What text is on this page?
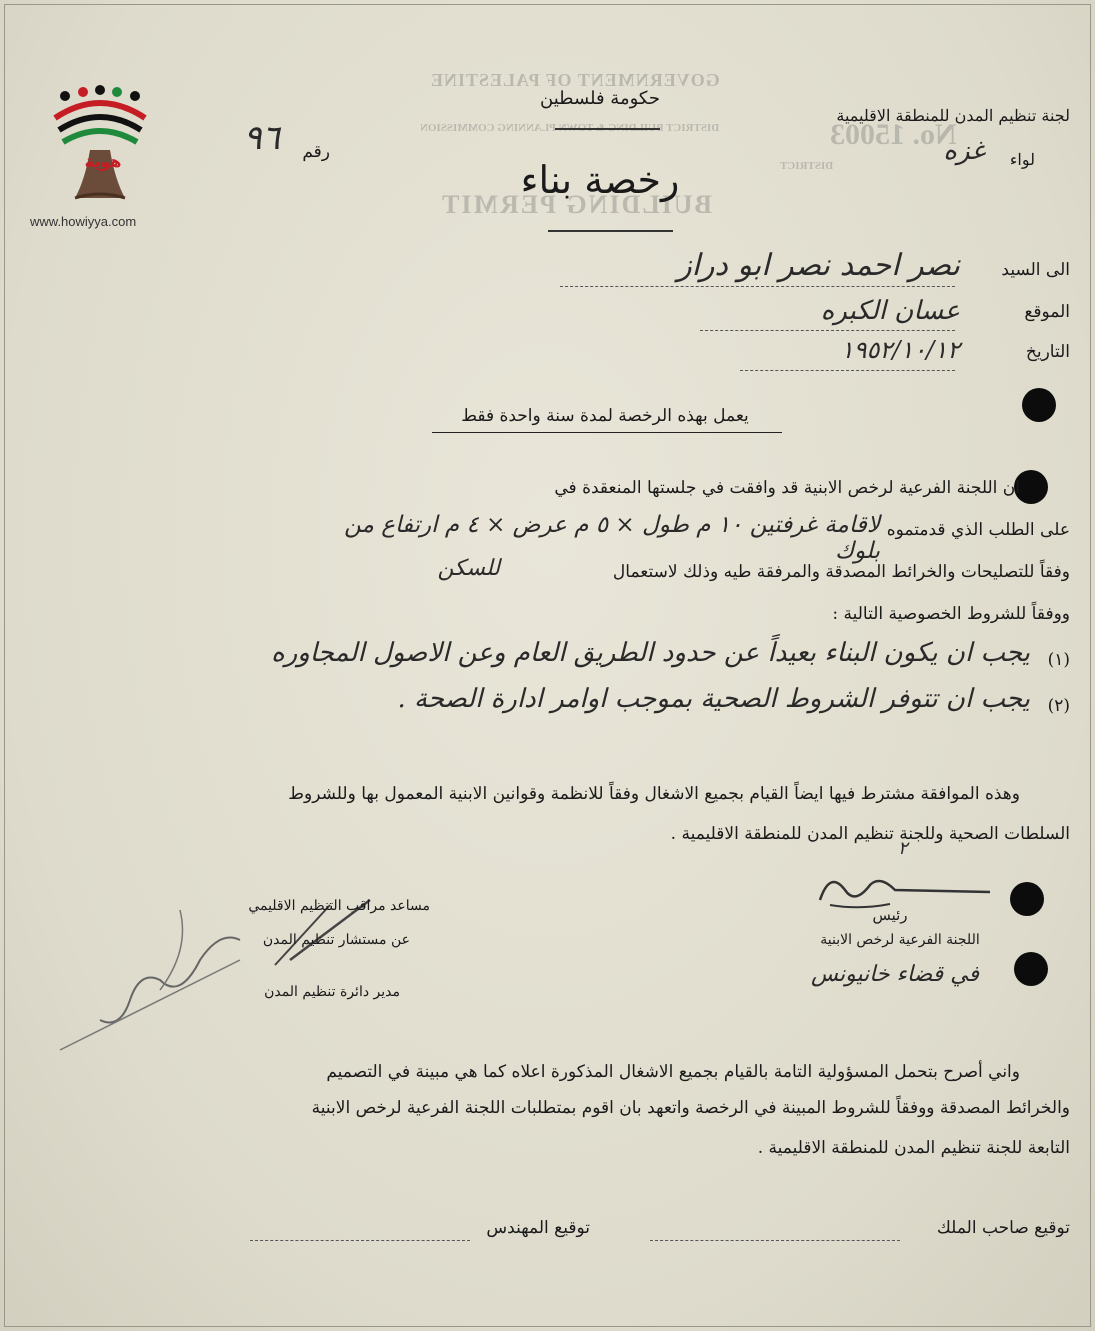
GOVERNMENT OF PALESTINE
DISTRICT BUILDING & TOWN PLANNING COMMISSION
DISTRICT
BUILDING PERMIT
No. 15003
هوية
www.howiyya.com
حكومة فلسطين
لجنة تنظيم المدن للمنطقة الاقليمية
لواء
غزه
رقم
٩٦
رخصة بناء
الى السيد
نصر احمد نصر ابو دراز
الموقع
عسان الكبره
التاريخ
١٩٥٢/١٠/١٢
يعمل بهذه الرخصة لمدة سنة واحدة فقط
ان اللجنة الفرعية لرخص الابنية قد وافقت في جلستها المنعقدة في
على الطلب الذي قدمتموه
لاقامة غرفتين ١٠ م طول × ٥ م عرض × ٤ م ارتفاع من بلوك
وفقاً للتصليحات والخرائط المصدقة والمرفقة طيه وذلك لاستعمال
للسكن
ووفقاً للشروط الخصوصية التالية :
(١)
يجب ان يكون البناء بعيداً عن حدود الطريق العام وعن الاصول المجاوره
(٢)
يجب ان تتوفر الشروط الصحية بموجب اوامر ادارة الصحة .
وهذه الموافقة مشترط فيها ايضاً القيام بجميع الاشغال وفقاً للانظمة وقوانين الابنية المعمول بها وللشروط
السلطات الصحية وللجنة تنظيم المدن للمنطقة الاقليمية .
٢
رئيس
اللجنة الفرعية لرخص الابنية
في قضاء خانيونس
مساعد مراقب التنظيم الاقليمي
عن مستشار تنظيم المدن
مدير دائرة تنظيم المدن
واني أصرح بتحمل المسؤولية التامة بالقيام بجميع الاشغال المذكورة اعلاه كما هي مبينة في التصميم
والخرائط المصدقة ووفقاً للشروط المبينة في الرخصة واتعهد بان اقوم بمتطلبات اللجنة الفرعية لرخص الابنية
التابعة للجنة تنظيم المدن للمنطقة الاقليمية .
توقيع صاحب الملك
توقيع المهندس
